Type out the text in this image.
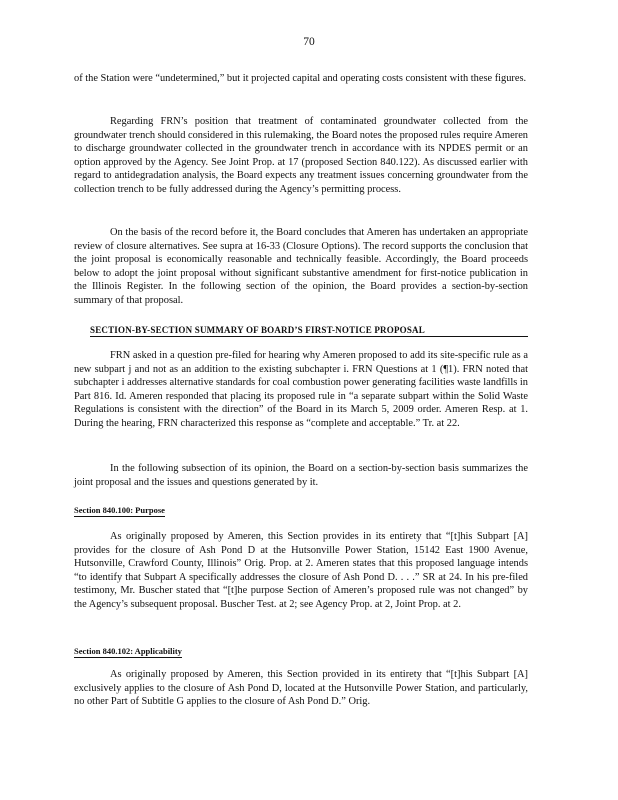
70

of the Station were “undetermined,” but it projected capital and operating costs consistent with these figures.

Regarding FRN’s position that treatment of contaminated groundwater collected from the groundwater trench should considered in this rulemaking, the Board notes the proposed rules require Ameren to discharge groundwater collected in the groundwater trench in accordance with its NPDES permit or an option approved by the Agency. See Joint Prop. at 17 (proposed Section 840.122). As discussed earlier with regard to antidegradation analysis, the Board expects any treatment issues concerning groundwater from the collection trench to be fully addressed during the Agency’s permitting process.

On the basis of the record before it, the Board concludes that Ameren has undertaken an appropriate review of closure alternatives. See supra at 16-33 (Closure Options). The record supports the conclusion that the joint proposal is economically reasonable and technically feasible. Accordingly, the Board proceeds below to adopt the joint proposal without significant substantive amendment for first-notice publication in the Illinois Register. In the following section of the opinion, the Board provides a section-by-section summary of that proposal.

SECTION-BY-SECTION SUMMARY OF BOARD’S FIRST-NOTICE PROPOSAL

FRN asked in a question pre-filed for hearing why Ameren proposed to add its site-specific rule as a new subpart j and not as an addition to the existing subchapter i. FRN Questions at 1 (¶1). FRN noted that subchapter i addresses alternative standards for coal combustion power generating facilities waste landfills in Part 816. Id. Ameren responded that placing its proposed rule in “a separate subpart within the Solid Waste Regulations is consistent with the direction” of the Board in its March 5, 2009 order. Ameren Resp. at 1. During the hearing, FRN characterized this response as “complete and acceptable.” Tr. at 22.

In the following subsection of its opinion, the Board on a section-by-section basis summarizes the joint proposal and the issues and questions generated by it.

Section 840.100: Purpose

As originally proposed by Ameren, this Section provides in its entirety that “[t]his Subpart [A] provides for the closure of Ash Pond D at the Hutsonville Power Station, 15142 East 1900 Avenue, Hutsonville, Crawford County, Illinois” Orig. Prop. at 2. Ameren states that this proposed language intends “to identify that Subpart A specifically addresses the closure of Ash Pond D. . . .” SR at 24. In his pre-filed testimony, Mr. Buscher stated that “[t]he purpose Section of Ameren’s proposed rule was not changed” by the Agency’s subsequent proposal. Buscher Test. at 2; see Agency Prop. at 2, Joint Prop. at 2.

Section 840.102: Applicability

As originally proposed by Ameren, this Section provided in its entirety that “[t]his Subpart [A] exclusively applies to the closure of Ash Pond D, located at the Hutsonville Power Station, and particularly, no other Part of Subtitle G applies to the closure of Ash Pond D.” Orig.
